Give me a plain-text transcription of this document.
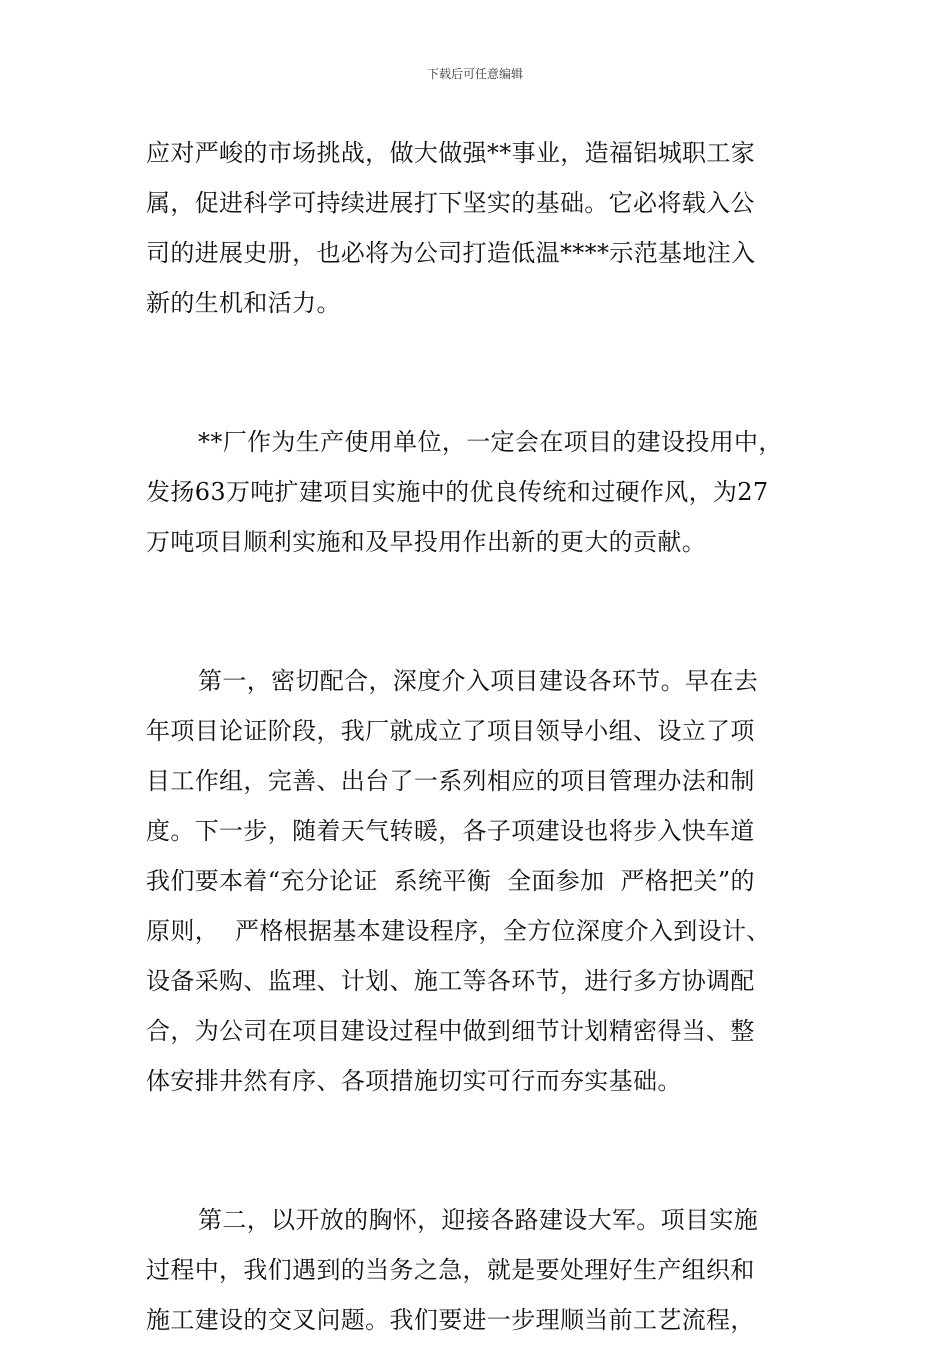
下载后可任意编辑
应对严峻的市场挑战，做大做强**事业，造福铝城职工家
属，促进科学可持续进展打下坚实的基础。它必将载入公
司的进展史册，也必将为公司打造低温****示范基地注入
新的生机和活力。
**厂作为生产使用单位，一定会在项目的建设投用中，
发扬63万吨扩建项目实施中的优良传统和过硬作风，为27
万吨项目顺利实施和及早投用作出新的更大的贡献。
第一，密切配合，深度介入项目建设各环节。早在去
年项目论证阶段，我厂就成立了项目领导小组、设立了项
目工作组，完善、出台了一系列相应的项目管理办法和制
度。下一步，随着天气转暖，各子项建设也将步入快车道
我们要本着“充分论证  系统平衡  全面参加  严格把关”的
原则，  严格根据基本建设程序，全方位深度介入到设计、
设备采购、监理、计划、施工等各环节，进行多方协调配
合，为公司在项目建设过程中做到细节计划精密得当、整
体安排井然有序、各项措施切实可行而夯实基础。
第二，以开放的胸怀，迎接各路建设大军。项目实施
过程中，我们遇到的当务之急，就是要处理好生产组织和
施工建设的交叉问题。我们要进一步理顺当前工艺流程，
